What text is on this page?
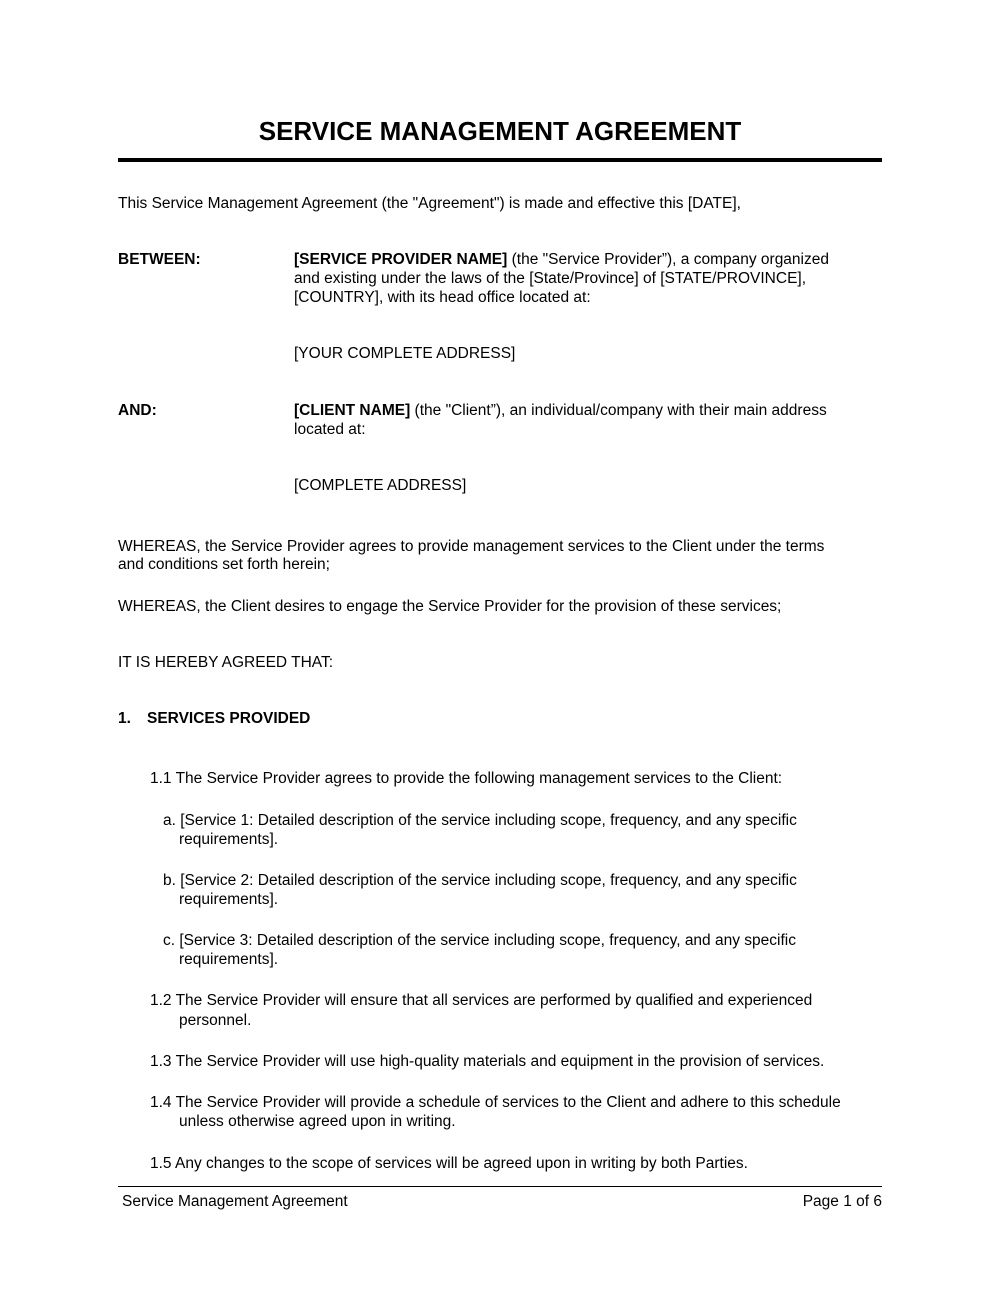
SERVICE MANAGEMENT AGREEMENT
This Service Management Agreement (the "Agreement") is made and effective this [DATE],
BETWEEN:	[SERVICE PROVIDER NAME] (the "Service Provider”), a company organized
and existing under the laws of the [State/Province] of [STATE/PROVINCE],
[COUNTRY], with its head office located at:
[YOUR COMPLETE ADDRESS]
AND:	[CLIENT NAME] (the "Client”), an individual/company with their main address
located at:
[COMPLETE ADDRESS]
WHEREAS, the Service Provider agrees to provide management services to the Client under the terms
and conditions set forth herein;
WHEREAS, the Client desires to engage the Service Provider for the provision of these services;
IT IS HEREBY AGREED THAT:
1. SERVICES PROVIDED
1.1 The Service Provider agrees to provide the following management services to the Client:
a. [Service 1: Detailed description of the service including scope, frequency, and any specific
requirements].
b. [Service 2: Detailed description of the service including scope, frequency, and any specific
requirements].
c. [Service 3: Detailed description of the service including scope, frequency, and any specific
requirements].
1.2 The Service Provider will ensure that all services are performed by qualified and experienced
personnel.
1.3 The Service Provider will use high-quality materials and equipment in the provision of services.
1.4 The Service Provider will provide a schedule of services to the Client and adhere to this schedule
unless otherwise agreed upon in writing.
1.5 Any changes to the scope of services will be agreed upon in writing by both Parties.
Service Management Agreement	Page 1 of 6
